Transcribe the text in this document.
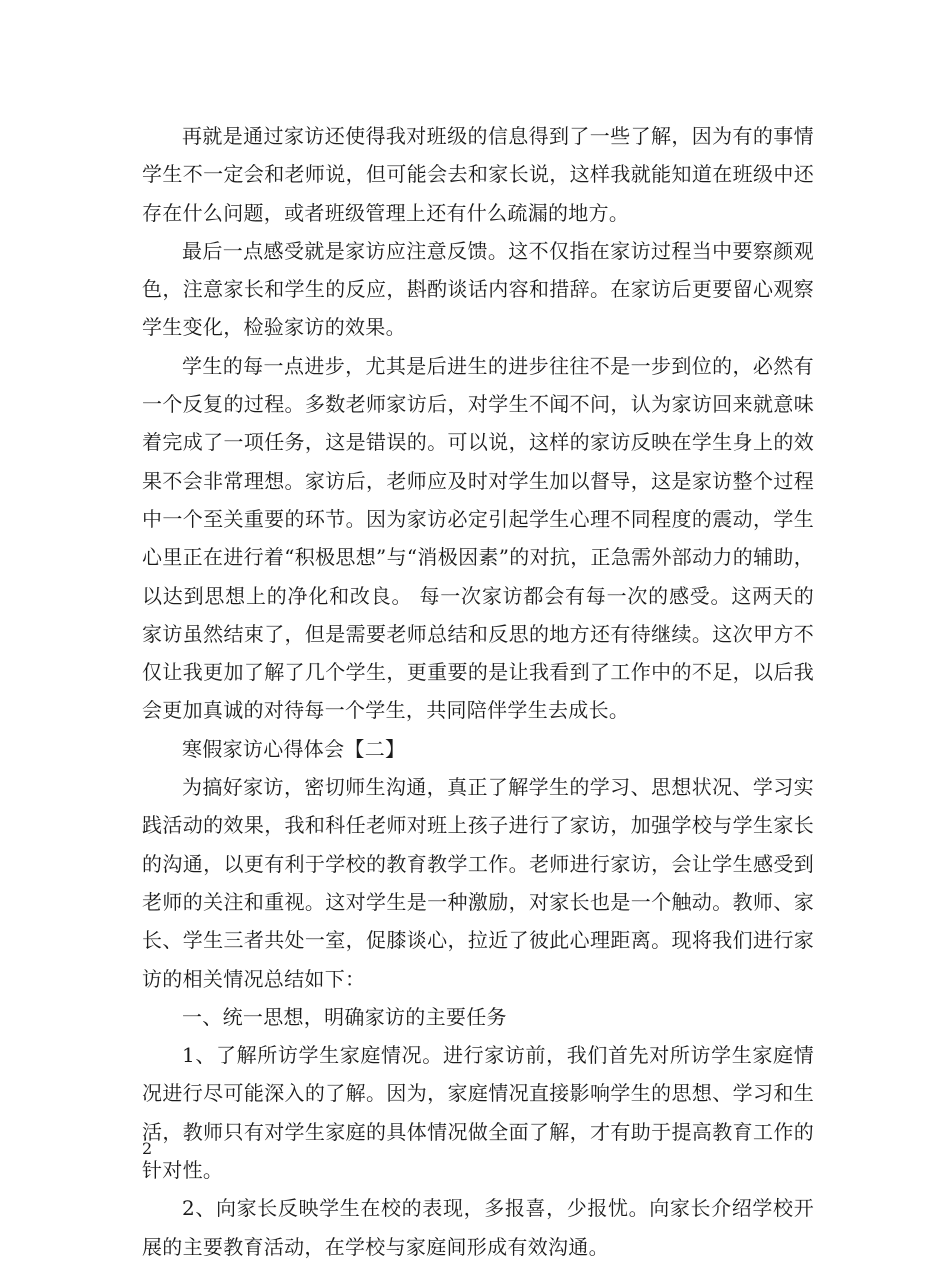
再就是通过家访还使得我对班级的信息得到了一些了解，因为有的事情学生不一定会和老师说，但可能会去和家长说，这样我就能知道在班级中还存在什么问题，或者班级管理上还有什么疏漏的地方。

最后一点感受就是家访应注意反馈。这不仅指在家访过程当中要察颜观色，注意家长和学生的反应，斟酌谈话内容和措辞。在家访后更要留心观察学生变化，检验家访的效果。

学生的每一点进步，尤其是后进生的进步往往不是一步到位的，必然有一个反复的过程。多数老师家访后，对学生不闻不问，认为家访回来就意味着完成了一项任务，这是错误的。可以说，这样的家访反映在学生身上的效果不会非常理想。家访后，老师应及时对学生加以督导，这是家访整个过程中一个至关重要的环节。因为家访必定引起学生心理不同程度的震动，学生心里正在进行着“积极思想”与“消极因素”的对抗，正急需外部动力的辅助，以达到思想上的净化和改良。 每一次家访都会有每一次的感受。这两天的家访虽然结束了，但是需要老师总结和反思的地方还有待继续。这次甲方不仅让我更加了解了几个学生，更重要的是让我看到了工作中的不足，以后我会更加真诚的对待每一个学生，共同陪伴学生去成长。

寒假家访心得体会【二】

为搞好家访，密切师生沟通，真正了解学生的学习、思想状况、学习实践活动的效果，我和科任老师对班上孩子进行了家访，加强学校与学生家长的沟通，以更有利于学校的教育教学工作。老师进行家访，会让学生感受到老师的关注和重视。这对学生是一种激励，对家长也是一个触动。教师、家长、学生三者共处一室，促膝谈心，拉近了彼此心理距离。现将我们进行家访的相关情况总结如下：

一、统一思想，明确家访的主要任务

1、了解所访学生家庭情况。进行家访前，我们首先对所访学生家庭情况进行尽可能深入的了解。因为，家庭情况直接影响学生的思想、学习和生活，教师只有对学生家庭的具体情况做全面了解，才有助于提高教育工作的针对性。

2、向家长反映学生在校的表现，多报喜，少报忧。向家长介绍学校开展的主要教育活动，在学校与家庭间形成有效沟通。

2
